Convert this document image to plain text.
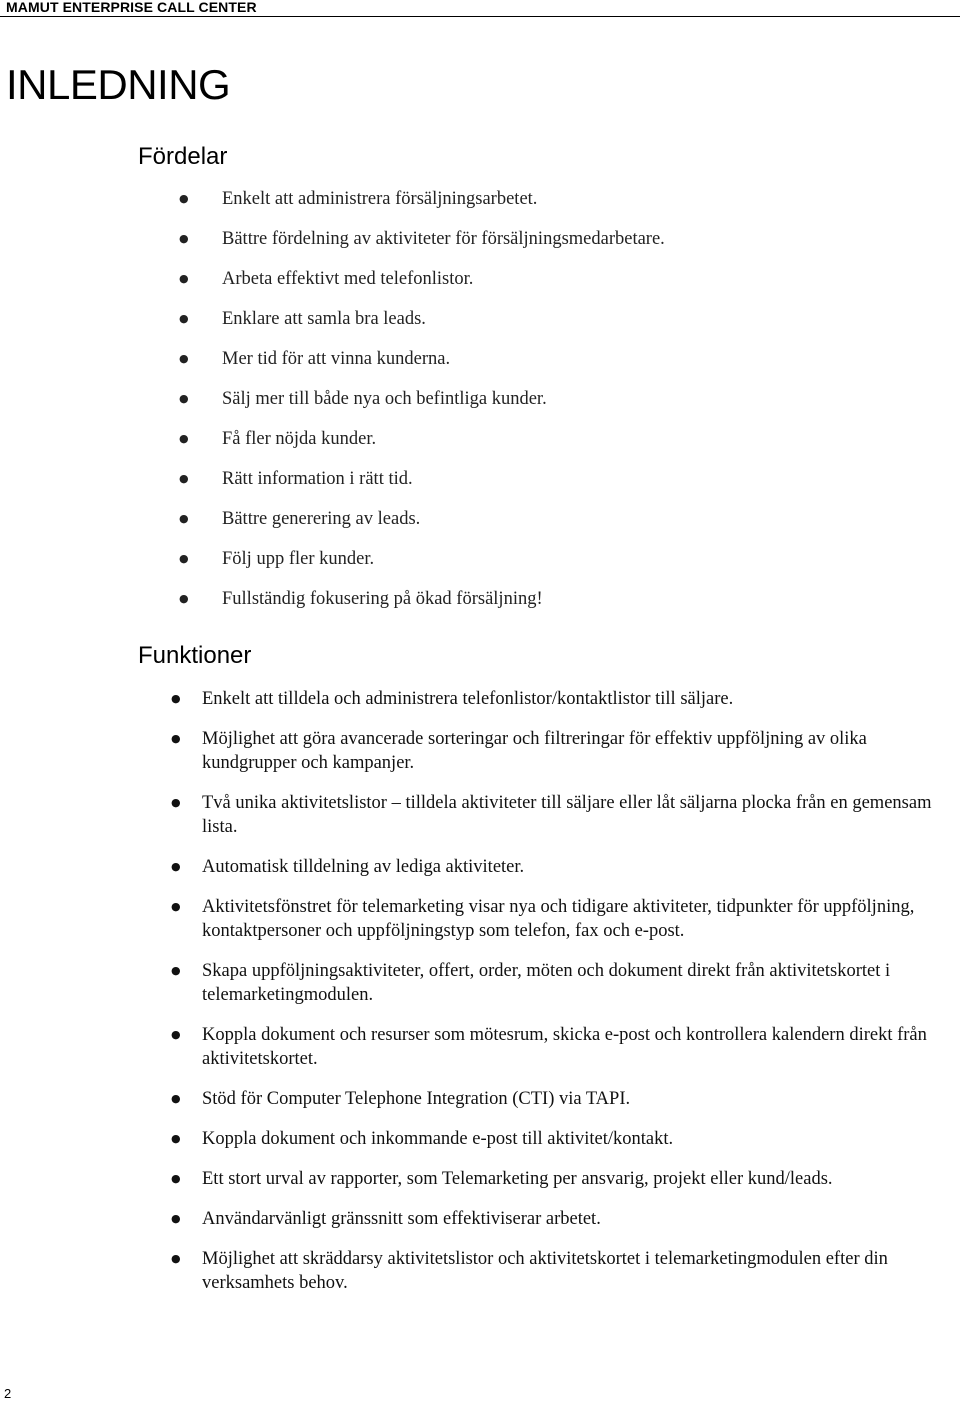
MAMUT ENTERPRISE CALL CENTER
INLEDNING
Fördelar
●	Enkelt att administrera försäljningsarbetet.
●	Bättre fördelning av aktiviteter för försäljningsmedarbetare.
●	Arbeta effektivt med telefonlistor.
●	Enklare att samla bra leads.
●	Mer tid för att vinna kunderna.
●	Sälj mer till både nya och befintliga kunder.
●	Få fler nöjda kunder.
●	Rätt information i rätt tid.
●	Bättre generering av leads.
●	Följ upp fler kunder.
●	Fullständig fokusering på ökad försäljning!
Funktioner
●	Enkelt att tilldela och administrera telefonlistor/kontaktlistor till säljare.
●	Möjlighet att göra avancerade sorteringar och filtreringar för effektiv uppföljning av olika kundgrupper och kampanjer.
●	Två unika aktivitetslistor – tilldela aktiviteter till säljare eller låt säljarna plocka från en gemensam lista.
●	Automatisk tilldelning av lediga aktiviteter.
●	Aktivitetsfönstret för telemarketing visar nya och tidigare aktiviteter, tidpunkter för uppföljning, kontaktpersoner och uppföljningstyp som telefon, fax och e-post.
●	Skapa uppföljningsaktiviteter, offert, order, möten och dokument direkt från aktivitetskortet i telemarketingmodulen.
●	Koppla dokument och resurser som mötesrum, skicka e-post och kontrollera kalendern direkt från aktivitetskortet.
●	Stöd för Computer Telephone Integration (CTI) via TAPI.
●	Koppla dokument och inkommande e-post till aktivitet/kontakt.
●	Ett stort urval av rapporter, som Telemarketing per ansvarig, projekt eller kund/leads.
●	Användarvänligt gränssnitt som effektiviserar arbetet.
●	Möjlighet att skräddarsy aktivitetslistor och aktivitetskortet i telemarketingmodulen efter din verksamhets behov.
2
